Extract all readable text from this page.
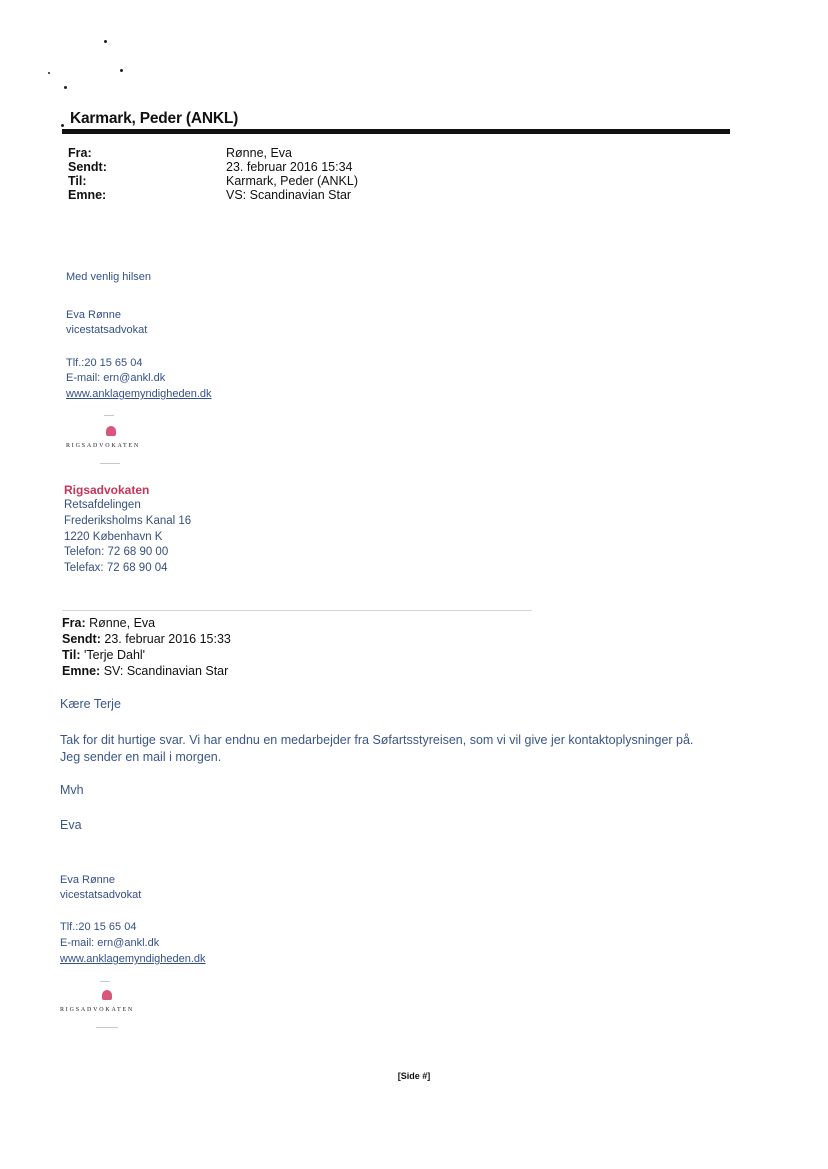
Karmark, Peder (ANKL)
Fra:	Rønne, Eva
Sendt:	23. februar 2016 15:34
Til:	Karmark, Peder (ANKL)
Emne:	VS: Scandinavian Star
Med venlig hilsen
Eva Rønne
vicestatsadvokat
Tlf.:20 15 65 04
E-mail: ern@ankl.dk
www.anklagemyndigheden.dk
RIGSADVOKATEN
Rigsadvokaten
Retsafdelingen
Frederiksholms Kanal 16
1220 København K
Telefon: 72 68 90 00
Telefax: 72 68 90 04
Fra: Rønne, Eva
Sendt: 23. februar 2016 15:33
Til: 'Terje Dahl'
Emne: SV: Scandinavian Star
Kære Terje
Tak for dit hurtige svar. Vi har endnu en medarbejder fra Søfartsstyreisen, som vi vil give jer kontaktoplysninger på.
Jeg sender en mail i morgen.
Mvh
Eva
Eva Rønne
vicestatsadvokat
Tlf.:20 15 65 04
E-mail: ern@ankl.dk
www.anklagemyndigheden.dk
RIGSADVOKATEN
[Side #]
